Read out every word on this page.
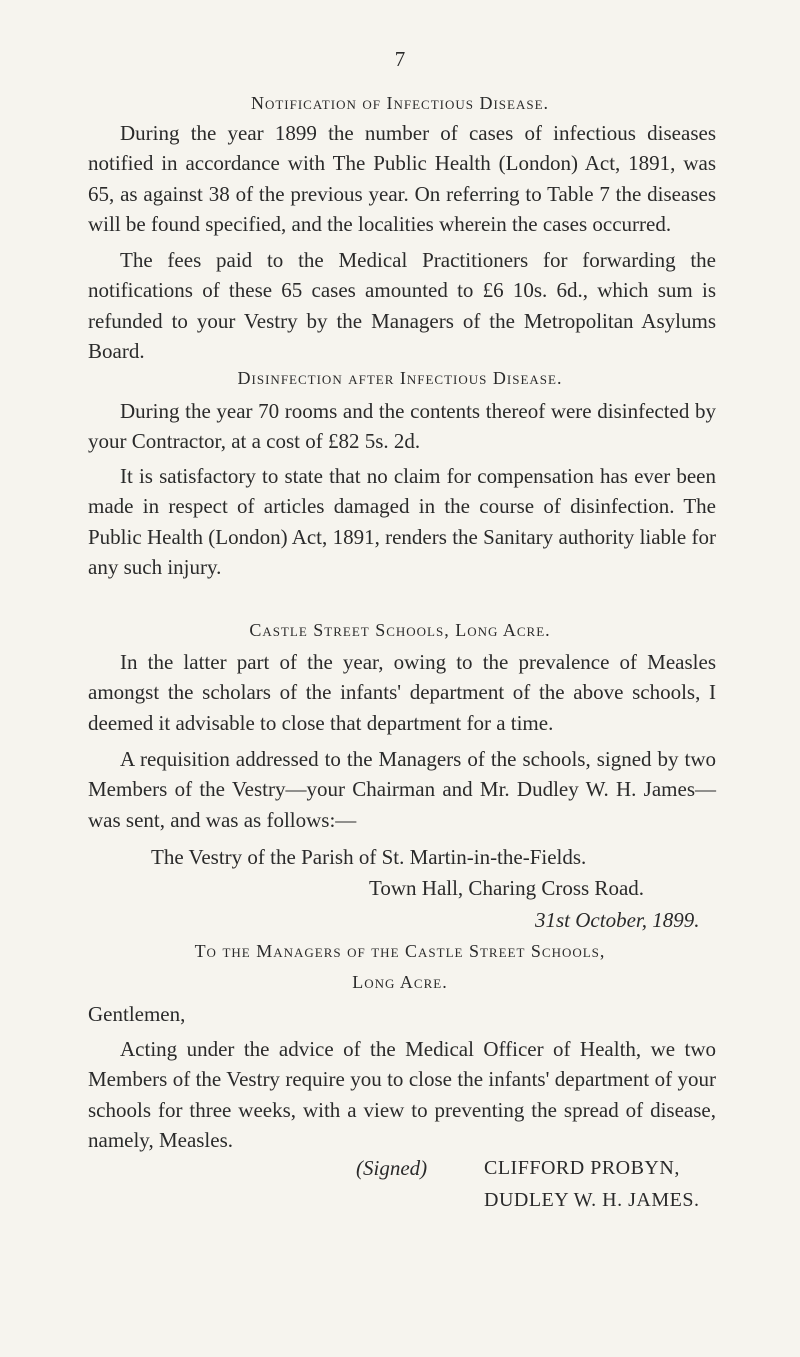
7
Notification of Infectious Disease.

During the year 1899 the number of cases of infectious diseases notified in accordance with The Public Health (London) Act, 1891, was 65, as against 38 of the previous year. On referring to Table 7 the diseases will be found specified, and the localities wherein the cases occurred.

The fees paid to the Medical Practitioners for forwarding the notifications of these 65 cases amounted to £6 10s. 6d., which sum is refunded to your Vestry by the Managers of the Metropolitan Asylums Board.

Disinfection after Infectious Disease.

During the year 70 rooms and the contents thereof were disinfected by your Contractor, at a cost of £82 5s. 2d.

It is satisfactory to state that no claim for compensation has ever been made in respect of articles damaged in the course of disinfection. The Public Health (London) Act, 1891, renders the Sanitary authority liable for any such injury.

Castle Street Schools, Long Acre.

In the latter part of the year, owing to the prevalence of Measles amongst the scholars of the infants' department of the above schools, I deemed it advisable to close that department for a time.

A requisition addressed to the Managers of the schools, signed by two Members of the Vestry—your Chairman and Mr. Dudley W. H. James—was sent, and was as follows:—

The Vestry of the Parish of St. Martin-in-the-Fields.
Town Hall, Charing Cross Road.
31st October, 1899.
To the Managers of the Castle Street Schools,
Long Acre.
Gentlemen,

Acting under the advice of the Medical Officer of Health, we two Members of the Vestry require you to close the infants' department of your schools for three weeks, with a view to preventing the spread of disease, namely, Measles.

(Signed)	CLIFFORD PROBYN,
DUDLEY W. H. JAMES.
